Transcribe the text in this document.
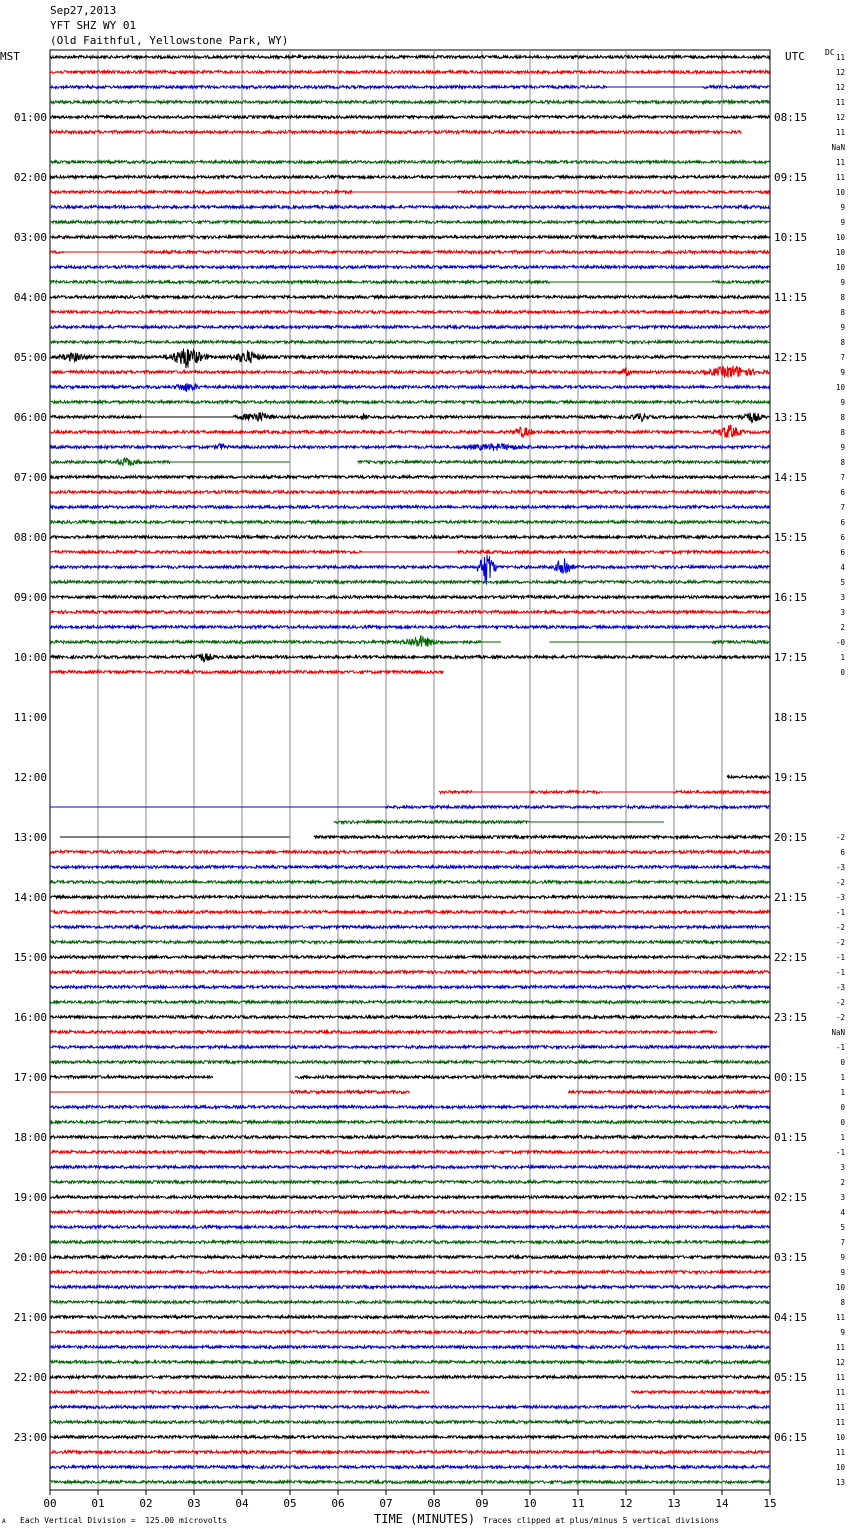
Sep27,2013
YFT SHZ WY 01
(Old Faithful, Yellowstone Park, WY)
MST	UTC	DC
00	01	02	03	04	05	06	07	08	09	10	11	12	13	14	15
11
12
12
11
12
11
NaN
11
11
10
9
9
10
10
10
9
8
8
9
8
7
9
10
9
8
8
9
8
7
6
7
6
6
6
4
5
3
3
2
-0
1
0
-2
6
-3
-2
-3
-1
-2
-2
-1
-1
-3
-2
-2
NaN
-1
0
1
1
0
0
1
-1
3
2
3
4
5
7
9
9
10
8
11
9
11
12
11
11
11
11
10
11
10
13
01:00	08:15
02:00	09:15
03:00	10:15
04:00	11:15
05:00	12:15
06:00	13:15
07:00	14:15
08:00	15:15
09:00	16:15
10:00	17:15
11:00	18:15
12:00	19:15
13:00	20:15
14:00	21:15
15:00	22:15
16:00	23:15
17:00	00:15
18:00	01:15
19:00	02:15
20:00	03:15
21:00	04:15
22:00	05:15
23:00	06:15
TIME (MINUTES)
A Each Vertical Division =  125.00 microvolts	Traces clipped at plus/minus 5 vertical divisions
